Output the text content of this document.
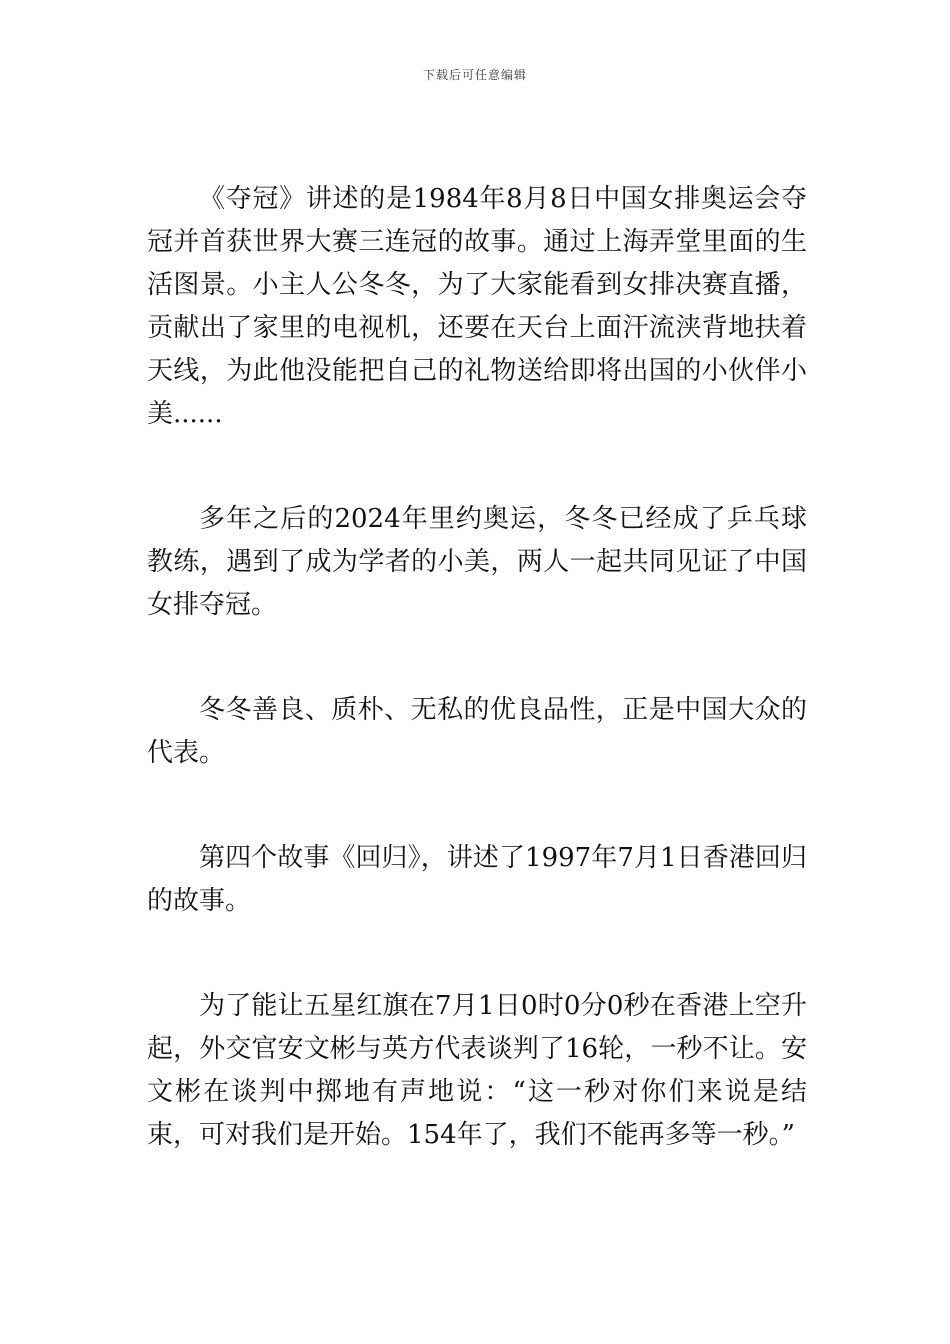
下载后可任意编辑

《夺冠》讲述的是1984年8月8日中国女排奥运会夺冠并首获世界大赛三连冠的故事。通过上海弄堂里面的生活图景。小主人公冬冬，为了大家能看到女排决赛直播，贡献出了家里的电视机，还要在天台上面汗流浃背地扶着天线，为此他没能把自己的礼物送给即将出国的小伙伴小美......

多年之后的2024年里约奥运，冬冬已经成了乒乓球教练，遇到了成为学者的小美，两人一起共同见证了中国女排夺冠。

冬冬善良、质朴、无私的优良品性，正是中国大众的代表。

第四个故事《回归》，讲述了1997年7月1日香港回归的故事。

为了能让五星红旗在7月1日0时0分0秒在香港上空升起，外交官安文彬与英方代表谈判了16轮，一秒不让。安文彬在谈判中掷地有声地说：“这一秒对你们来说是结束，可对我们是开始。154年了，我们不能再多等一秒。”
